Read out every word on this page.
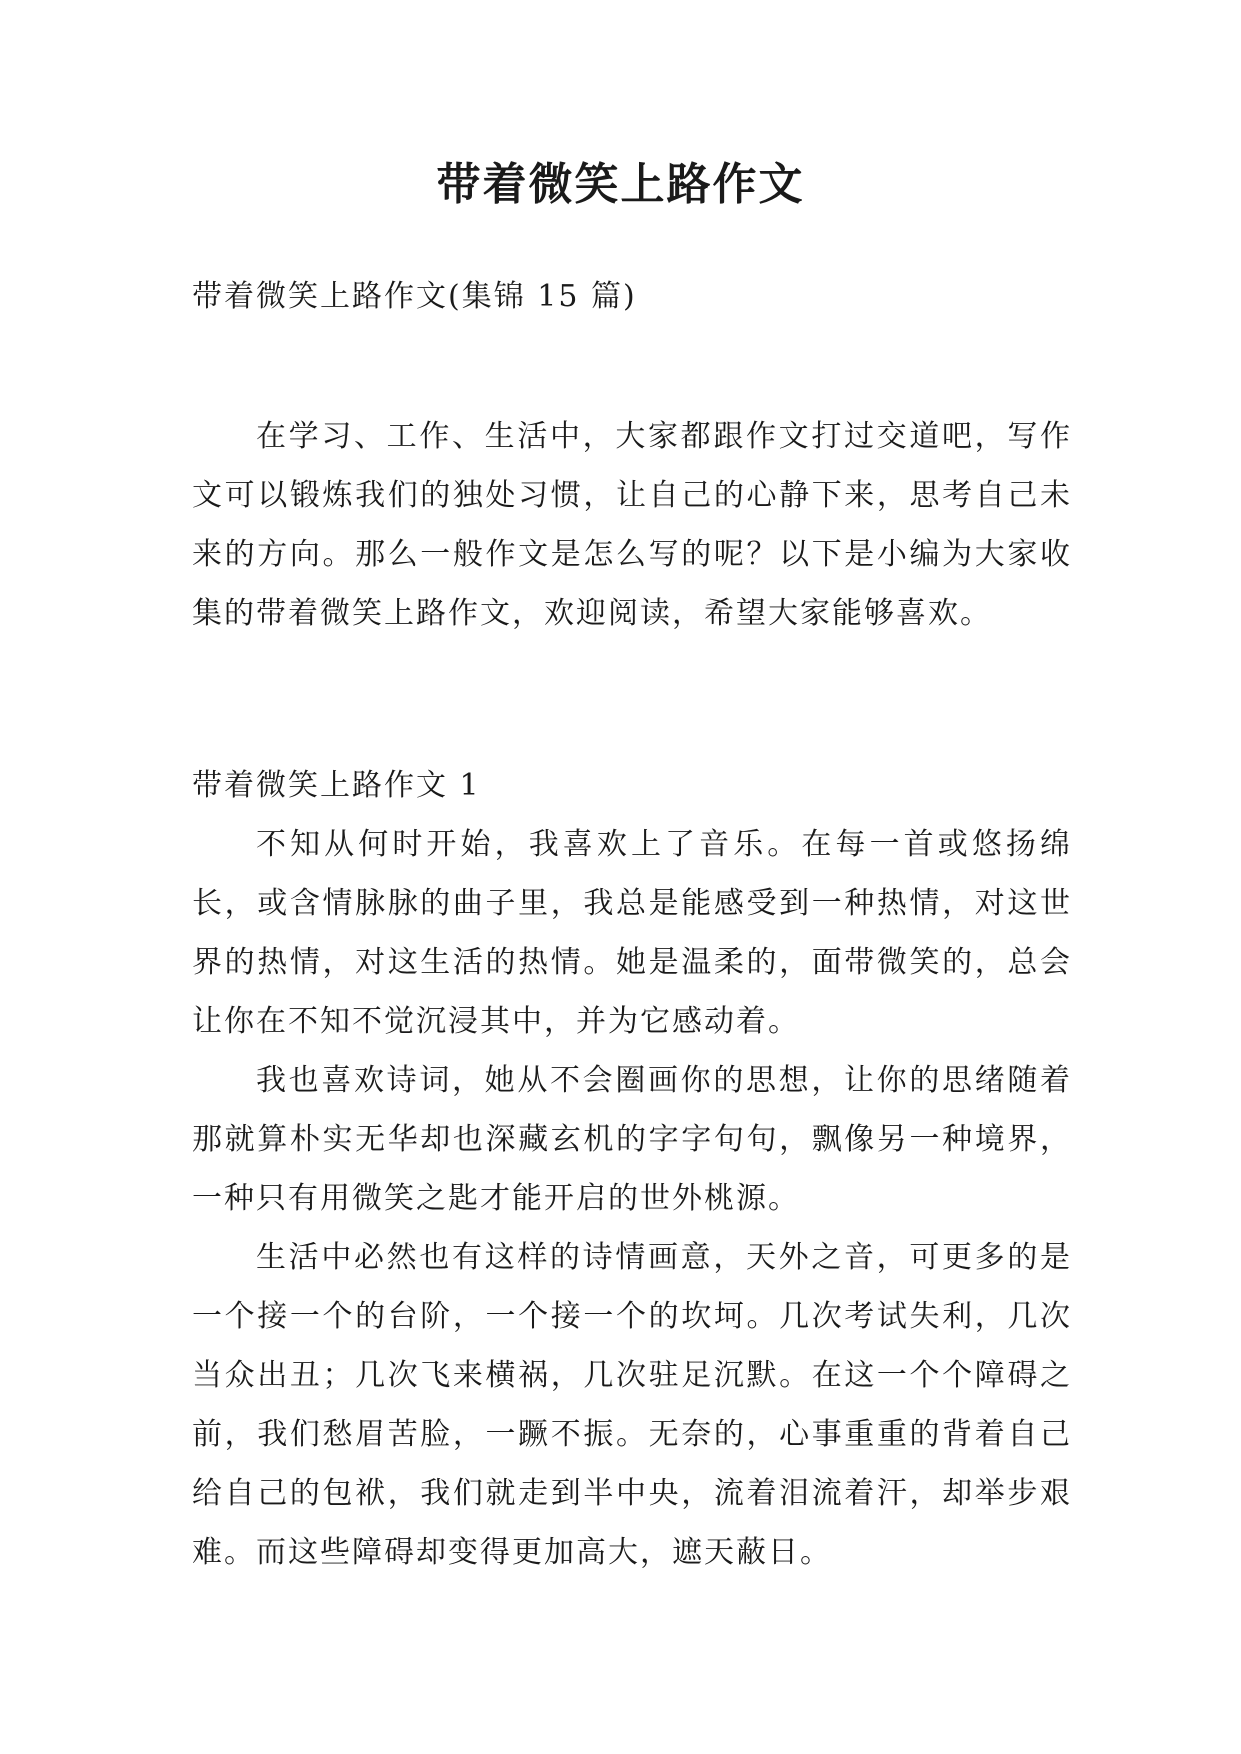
带着微笑上路作文
带着微笑上路作文(集锦 15 篇)

在学习、工作、生活中，大家都跟作文打过交道吧，写作文可以锻炼我们的独处习惯，让自己的心静下来，思考自己未来的方向。那么一般作文是怎么写的呢？以下是小编为大家收集的带着微笑上路作文，欢迎阅读，希望大家能够喜欢。

带着微笑上路作文 1

不知从何时开始，我喜欢上了音乐。在每一首或悠扬绵长，或含情脉脉的曲子里，我总是能感受到一种热情，对这世界的热情，对这生活的热情。她是温柔的，面带微笑的，总会让你在不知不觉沉浸其中，并为它感动着。

我也喜欢诗词，她从不会圈画你的思想，让你的思绪随着那就算朴实无华却也深藏玄机的字字句句，飘像另一种境界，一种只有用微笑之匙才能开启的世外桃源。

生活中必然也有这样的诗情画意，天外之音，可更多的是一个接一个的台阶，一个接一个的坎坷。几次考试失利，几次当众出丑；几次飞来横祸，几次驻足沉默。在这一个个障碍之前，我们愁眉苦脸，一蹶不振。无奈的，心事重重的背着自己给自己的包袱，我们就走到半中央，流着泪流着汗，却举步艰难。而这些障碍却变得更加高大，遮天蔽日。
